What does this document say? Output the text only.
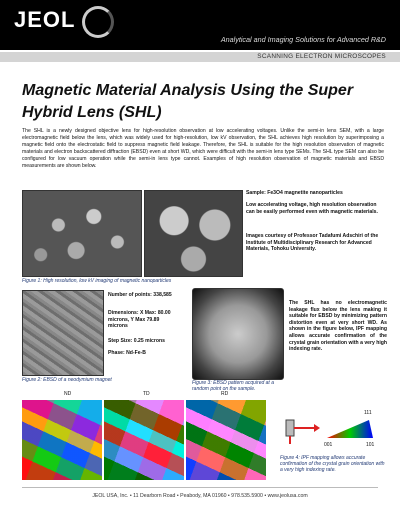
JEOL
Analytical and Imaging Solutions for Advanced R&D
SCANNING ELECTRON MICROSCOPES
Magnetic Material Analysis Using the Super Hybrid Lens (SHL)
The SHL is a newly designed objective lens for high-resolution observation at low accelerating voltages. Unlike the semi-in lens SEM, with a large electromagnetic field below the lens, which was widely used for high-resolution, low kV observation, the SHL achieves high resolution by superimposing a magnetic field onto the electrostatic field to suppress magnetic field leakage. Therefore, the SHL is suitable for the high resolution observation of magnetic materials and electron backscattered diffraction (EBSD) even at short WD, which were difficult with the semi-in lens type SEMs. The SHL type SEM can also be configured for low vacuum operation while the semi-in lens type cannot. Examples of high resolution observation of magnetic materials and EBSD measurements are shown below.
Figure 1: High resolution, low kV imaging of magnetic nanoparticles
Sample: Fe3O4 magnetite nanoparticles
Low accelerating voltage, high resolution observation can be easily performed even with magnetic materials.
Images courtesy of Professor Tadafumi Adschiri of the Institute of Multidisciplinary Research for Advanced Materials, Tohoku University.
Figure 2: EBSD of a neodymium magnet
Number of points: 338,585
Dimensions: X Max: 80.00 microns, Y Max 79.89 microns
Step Size: 0.25 microns
Phase: Nd-Fe-B
Figure 3: EBSD pattern acquired at a random point on the sample.
The SHL has no electromagnetic leakage flux below the lens making it suitable for EBSD by minimizing pattern distortion even at very short WD. As shown in the figure below, IPF mapping allows accurate confirmation of the crystal grain orientation with a very high indexing rate.
ND	TD	RD
111
001	101
Figure 4: IPF mapping allows accurate confirmation of the crystal grain orientation with a very high indexing rate.
JEOL USA, Inc. • 11 Dearborn Road • Peabody, MA 01960 • 978.535.5900 • www.jeolusa.com
